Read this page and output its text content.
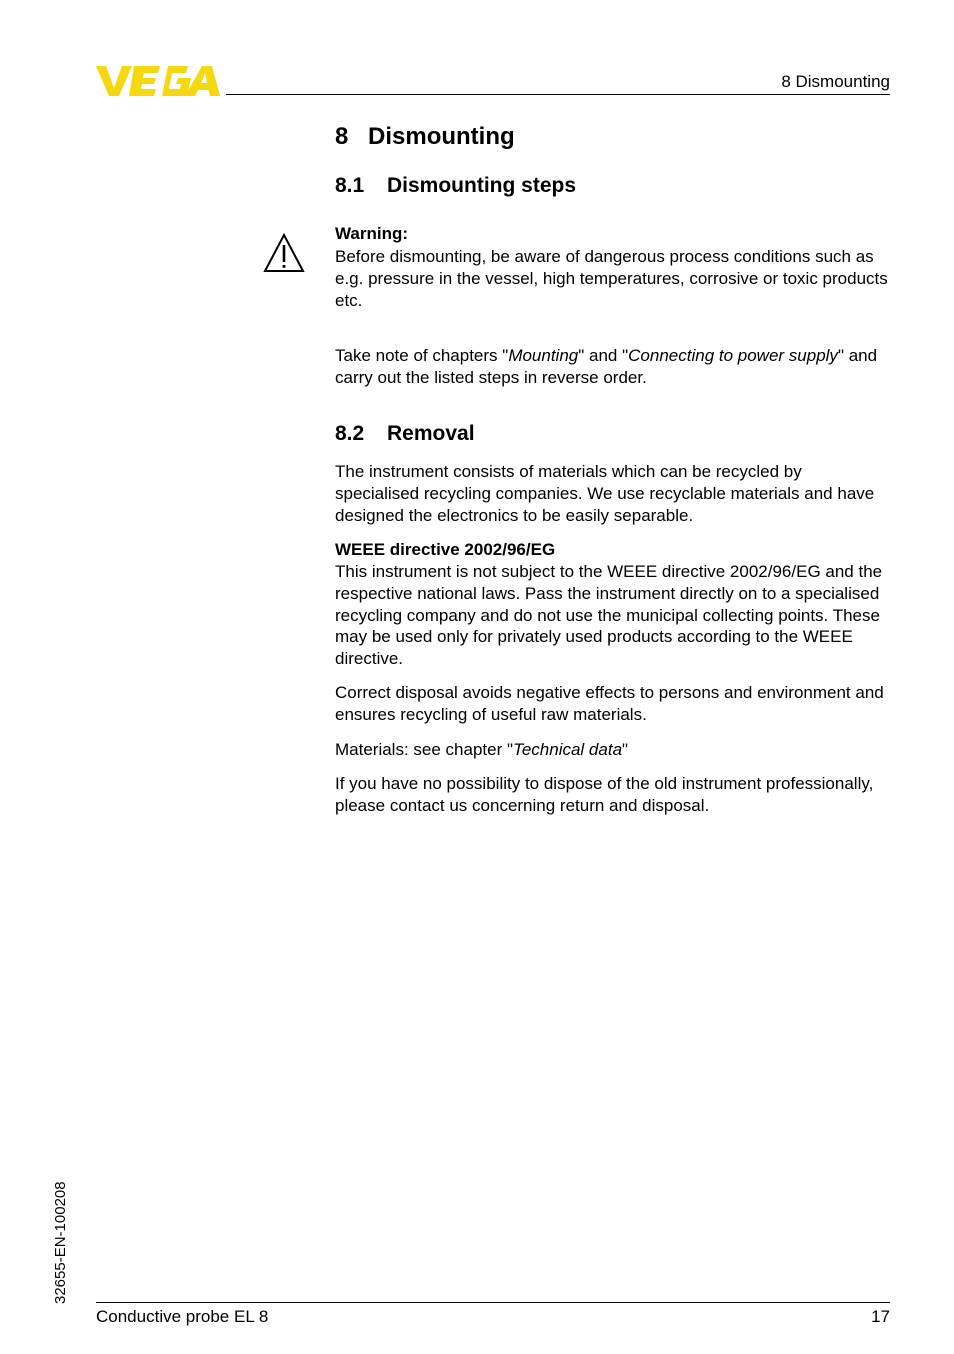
8 Dismounting
8 Dismounting
8.1 Dismounting steps

Warning:

Before dismounting, be aware of dangerous process conditions such as e.g. pressure in the vessel, high temperatures, corrosive or toxic products etc.

Take note of chapters "Mounting" and "Connecting to power supply" and carry out the listed steps in reverse order.

8.2 Removal

The instrument consists of materials which can be recycled by specialised recycling companies. We use recyclable materials and have designed the electronics to be easily separable.

WEEE directive 2002/96/EG

This instrument is not subject to the WEEE directive 2002/96/EG and the respective national laws. Pass the instrument directly on to a specialised recycling company and do not use the municipal collecting points. These may be used only for privately used products according to the WEEE directive.

Correct disposal avoids negative effects to persons and environment and ensures recycling of useful raw materials.

Materials: see chapter "Technical data"

If you have no possibility to dispose of the old instrument professionally, please contact us concerning return and disposal.

32655-EN-100208
Conductive probe EL 8	17
